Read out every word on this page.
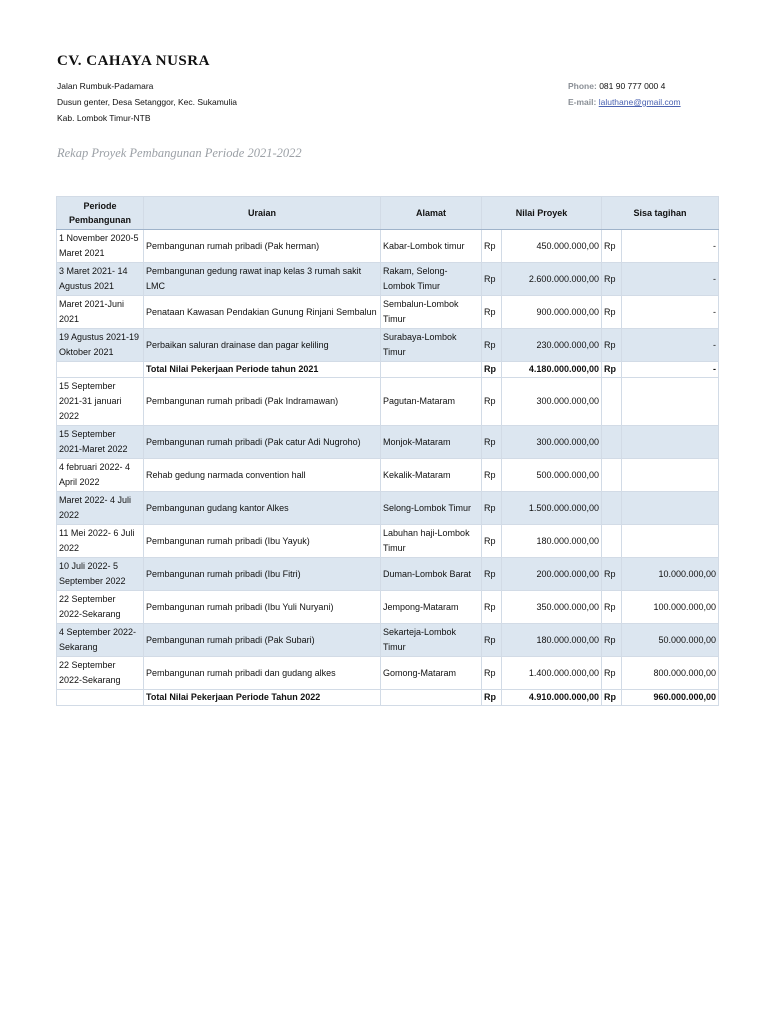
CV. CAHAYA NUSRA
Jalan Rumbuk-Padamara
Dusun genter, Desa Setanggor, Kec. Sukamulia
Kab. Lombok Timur-NTB
Phone: 081 90 777 000 4
E-mail: laluthane@gmail.com
Rekap Proyek Pembangunan Periode 2021-2022
Periode Pembangunan	Uraian	Alamat	Nilai Proyek		Sisa tagihan	
1 November 2020-5 Maret 2021	Pembangunan rumah pribadi (Pak herman)	Kabar-Lombok timur	Rp	450.000.000,00	Rp	-
3 Maret 2021- 14 Agustus 2021	Pembangunan gedung rawat inap kelas 3 rumah sakit LMC	Rakam, Selong-Lombok Timur	Rp	2.600.000.000,00	Rp	-
Maret 2021-Juni 2021	Penataan Kawasan Pendakian Gunung Rinjani Sembalun	Sembalun-Lombok Timur	Rp	900.000.000,00	Rp	-
19 Agustus 2021-19 Oktober 2021	Perbaikan saluran drainase dan pagar keliling	Surabaya-Lombok Timur	Rp	230.000.000,00	Rp	-
	Total Nilai Pekerjaan Periode tahun 2021		Rp	4.180.000.000,00	Rp	-
15 September 2021-31 januari 2022	Pembangunan rumah pribadi (Pak Indramawan)	Pagutan-Mataram	Rp	300.000.000,00		
15 September 2021-Maret 2022	Pembangunan rumah pribadi (Pak catur Adi Nugroho)	Monjok-Mataram	Rp	300.000.000,00		
4 februari 2022- 4 April 2022	Rehab gedung narmada convention hall	Kekalik-Mataram	Rp	500.000.000,00		
Maret 2022- 4 Juli 2022	Pembangunan gudang kantor Alkes	Selong-Lombok Timur	Rp	1.500.000.000,00		
11 Mei 2022- 6 Juli 2022	Pembangunan rumah pribadi (Ibu Yayuk)	Labuhan haji-Lombok Timur	Rp	180.000.000,00		
10 Juli 2022- 5 September 2022	Pembangunan rumah pribadi (Ibu Fitri)	Duman-Lombok Barat	Rp	200.000.000,00	Rp	10.000.000,00
22 September 2022-Sekarang	Pembangunan rumah pribadi (Ibu Yuli Nuryani)	Jempong-Mataram	Rp	350.000.000,00	Rp	100.000.000,00
4 September 2022-Sekarang	Pembangunan rumah pribadi (Pak Subari)	Sekarteja-Lombok Timur	Rp	180.000.000,00	Rp	50.000.000,00
22 September 2022-Sekarang	Pembangunan rumah pribadi dan gudang alkes	Gomong-Mataram	Rp	1.400.000.000,00	Rp	800.000.000,00
	Total Nilai Pekerjaan Periode Tahun 2022		Rp	4.910.000.000,00	Rp	960.000.000,00
